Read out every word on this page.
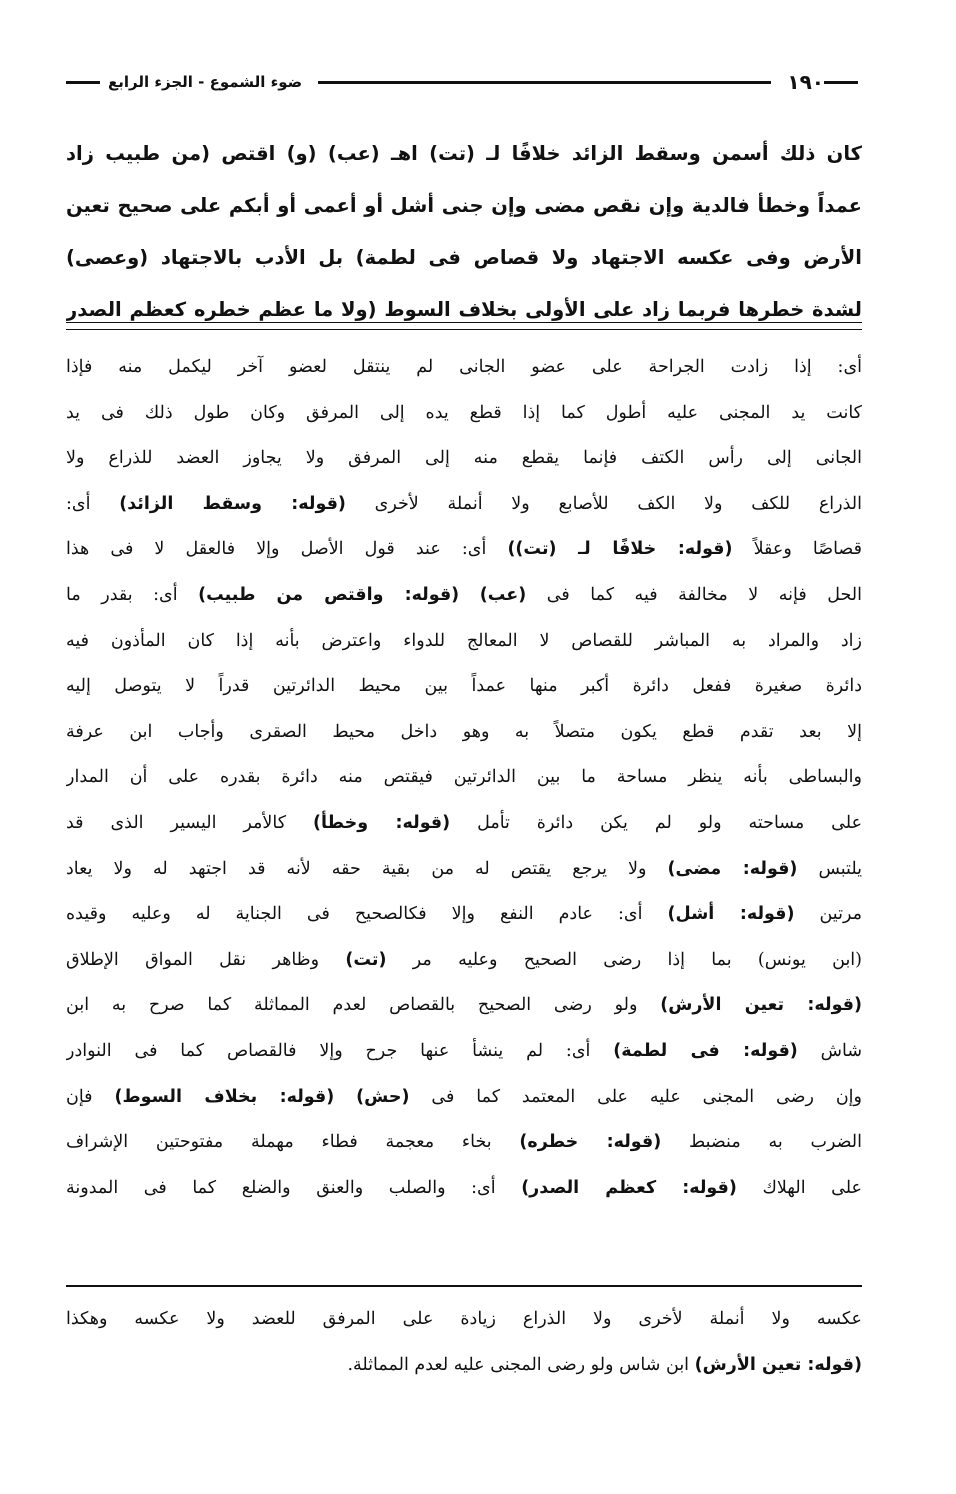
١٩٠
ضوء الشموع - الجزء الرابع
كان ذلك أسمن وسقط الزائد خلافًا لـ (تت) اهـ (عب) (و) اقتص (من طبيب زاد
عمداً وخطأ فالدية وإن نقص مضى وإن جنى أشل أو أعمى أو أبكم على صحيح تعين
الأرض وفى عكسه الاجتهاد ولا قصاص فى لطمة) بل الأدب بالاجتهاد (وعصى)
لشدة خطرها فربما زاد على الأولى بخلاف السوط (ولا ما عظم خطره كعظم الصدر
أى: إذا زادت الجراحة على عضو الجانى لم ينتقل لعضو آخر ليكمل منه فإذا
كانت يد المجنى عليه أطول كما إذا قطع يده إلى المرفق وكان طول ذلك فى يد
الجانى إلى رأس الكتف فإنما يقطع منه إلى المرفق ولا يجاوز العضد للذراع ولا
الذراع للكف ولا الكف للأصابع ولا أنملة لأخرى (قوله: وسقط الزائد) أى:
قصاصًا وعقلاً (قوله: خلافًا لـ (تت)) أى: عند قول الأصل وإلا فالعقل لا فى هذا
الحل فإنه لا مخالفة فيه كما فى (عب) (قوله: واقتص من طبيب) أى: بقدر ما
زاد والمراد به المباشر للقصاص لا المعالج للدواء واعترض بأنه إذا كان المأذون فيه
دائرة صغيرة ففعل دائرة أكبر منها عمداً بين محيط الدائرتين قدراً لا يتوصل إليه
إلا بعد تقدم قطع يكون متصلاً به وهو داخل محيط الصقرى وأجاب ابن عرفة
والبساطى بأنه ينظر مساحة ما بين الدائرتين فيقتص منه دائرة بقدره على أن المدار
على مساحته ولو لم يكن دائرة تأمل (قوله: وخطأ) كالأمر اليسير الذى قد
يلتبس (قوله: مضى) ولا يرجع يقتص له من بقية حقه لأنه قد اجتهد له ولا يعاد
مرتين (قوله: أشل) أى: عادم النفع وإلا فكالصحيح فى الجناية له وعليه وقيده
(ابن يونس) بما إذا رضى الصحيح وعليه مر (تت) وظاهر نقل المواق الإطلاق
(قوله: تعين الأرش) ولو رضى الصحيح بالقصاص لعدم المماثلة كما صرح به ابن
شاش (قوله: فى لطمة) أى: لم ينشأ عنها جرح وإلا فالقصاص كما فى النوادر
وإن رضى المجنى عليه على المعتمد كما فى (حش) (قوله: بخلاف السوط) فإن
الضرب به منضبط (قوله: خطره) بخاء معجمة فطاء مهملة مفتوحتين الإشراف
على الهلاك (قوله: كعظم الصدر) أى: والصلب والعنق والضلع كما فى المدونة
عكسه ولا أنملة لأخرى ولا الذراع زيادة على المرفق للعضد ولا عكسه وهكذا
(قوله: تعين الأرش) ابن شاس ولو رضى المجنى عليه لعدم المماثلة.
